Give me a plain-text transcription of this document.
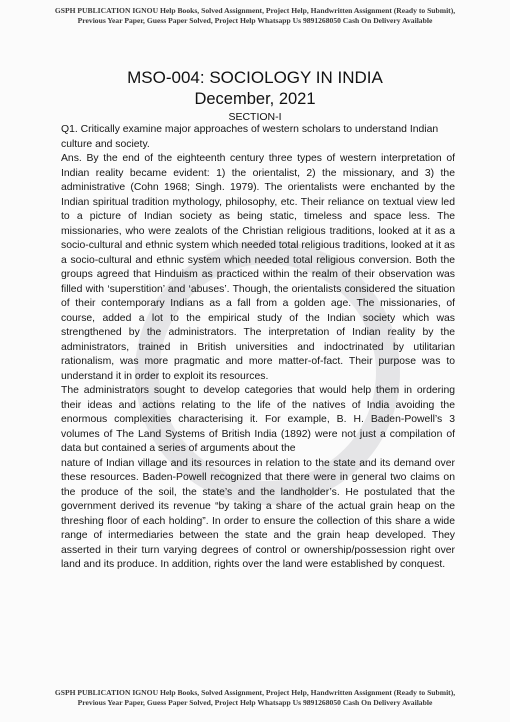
GSPH PUBLICATION IGNOU Help Books, Solved Assignment, Project Help, Handwritten Assignment (Ready to Submit), Previous Year Paper, Guess Paper Solved, Project Help Whatsapp Us 9891268050 Cash On Delivery Available
MSO-004: SOCIOLOGY IN INDIA
December, 2021
SECTION-I

Q1. Critically examine major approaches of western scholars to understand Indian culture and society.

Ans. By the end of the eighteenth century three types of western interpretation of Indian reality became evident: 1) the orientalist, 2) the missionary, and 3) the administrative (Cohn 1968; Singh. 1979). The orientalists were enchanted by the Indian spiritual tradition mythology, philosophy, etc. Their reliance on textual view led to a picture of Indian society as being static, timeless and space less. The missionaries, who were zealots of the Christian religious traditions, looked at it as a socio-cultural and ethnic system which needed total religious traditions, looked at it as a socio-cultural and ethnic system which needed total religious conversion. Both the groups agreed that Hinduism as practiced within the realm of their observation was filled with ‘superstition’ and ‘abuses’. Though, the orientalists considered the situation of their contemporary Indians as a fall from a golden age. The missionaries, of course, added a lot to the empirical study of the Indian society which was strengthened by the administrators. The interpretation of Indian reality by the administrators, trained in British universities and indoctrinated by utilitarian rationalism, was more pragmatic and more matter-of-fact. Their purpose was to understand it in order to exploit its resources.

The administrators sought to develop categories that would help them in ordering their ideas and actions relating to the life of the natives of India avoiding the enormous complexities characterising it. For example, B. H. Baden-Powell’s 3 volumes of The Land Systems of British India (1892) were not just a compilation of data but contained a series of arguments about the

nature of Indian village and its resources in relation to the state and its demand over these resources. Baden-Powell recognized that there were in general two claims on the produce of the soil, the state’s and the landholder’s. He postulated that the government derived its revenue “by taking a share of the actual grain heap on the threshing floor of each holding”. In order to ensure the collection of this share a wide range of intermediaries between the state and the grain heap developed. They asserted in their turn varying degrees of control or ownership/possession right over land and its produce. In addition, rights over the land were established by conquest.

GSPH PUBLICATION IGNOU Help Books, Solved Assignment, Project Help, Handwritten Assignment (Ready to Submit), Previous Year Paper, Guess Paper Solved, Project Help Whatsapp Us 9891268050 Cash On Delivery Available
